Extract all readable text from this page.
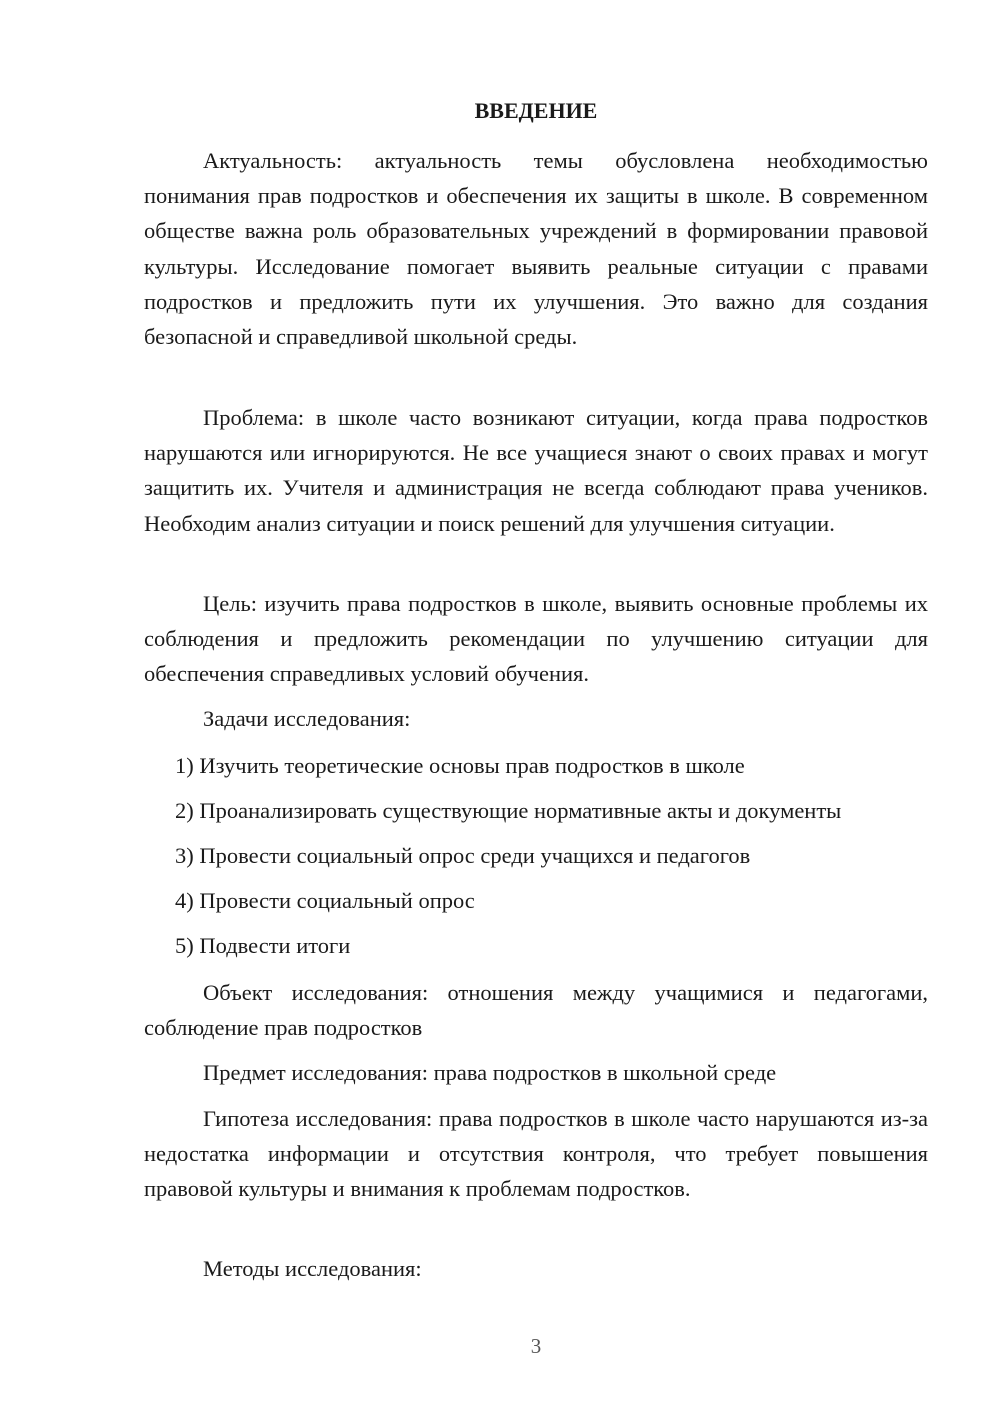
ВВЕДЕНИЕ

Актуальность: актуальность темы обусловлена необходимостью понимания прав подростков и обеспечения их защиты в школе. В современном обществе важна роль образовательных учреждений в формировании правовой культуры. Исследование помогает выявить реальные ситуации с правами подростков и предложить пути их улучшения. Это важно для создания безопасной и справедливой школьной среды.

Проблема: в школе часто возникают ситуации, когда права подростков нарушаются или игнорируются. Не все учащиеся знают о своих правах и могут защитить их. Учителя и администрация не всегда соблюдают права учеников. Необходим анализ ситуации и поиск решений для улучшения ситуации.

Цель: изучить права подростков в школе, выявить основные проблемы их соблюдения и предложить рекомендации по улучшению ситуации для обеспечения справедливых условий обучения.

Задачи исследования:

1) Изучить теоретические основы прав подростков в школе

2) Проанализировать существующие нормативные акты и документы

3) Провести социальный опрос среди учащихся и педагогов

4) Провести социальный опрос

5) Подвести итоги

Объект исследования: отношения между учащимися и педагогами, соблюдение прав подростков

Предмет исследования: права подростков в школьной среде

Гипотеза исследования: права подростков в школе часто нарушаются из-за недостатка информации и отсутствия контроля, что требует повышения правовой культуры и внимания к проблемам подростков.

Методы исследования:

3
